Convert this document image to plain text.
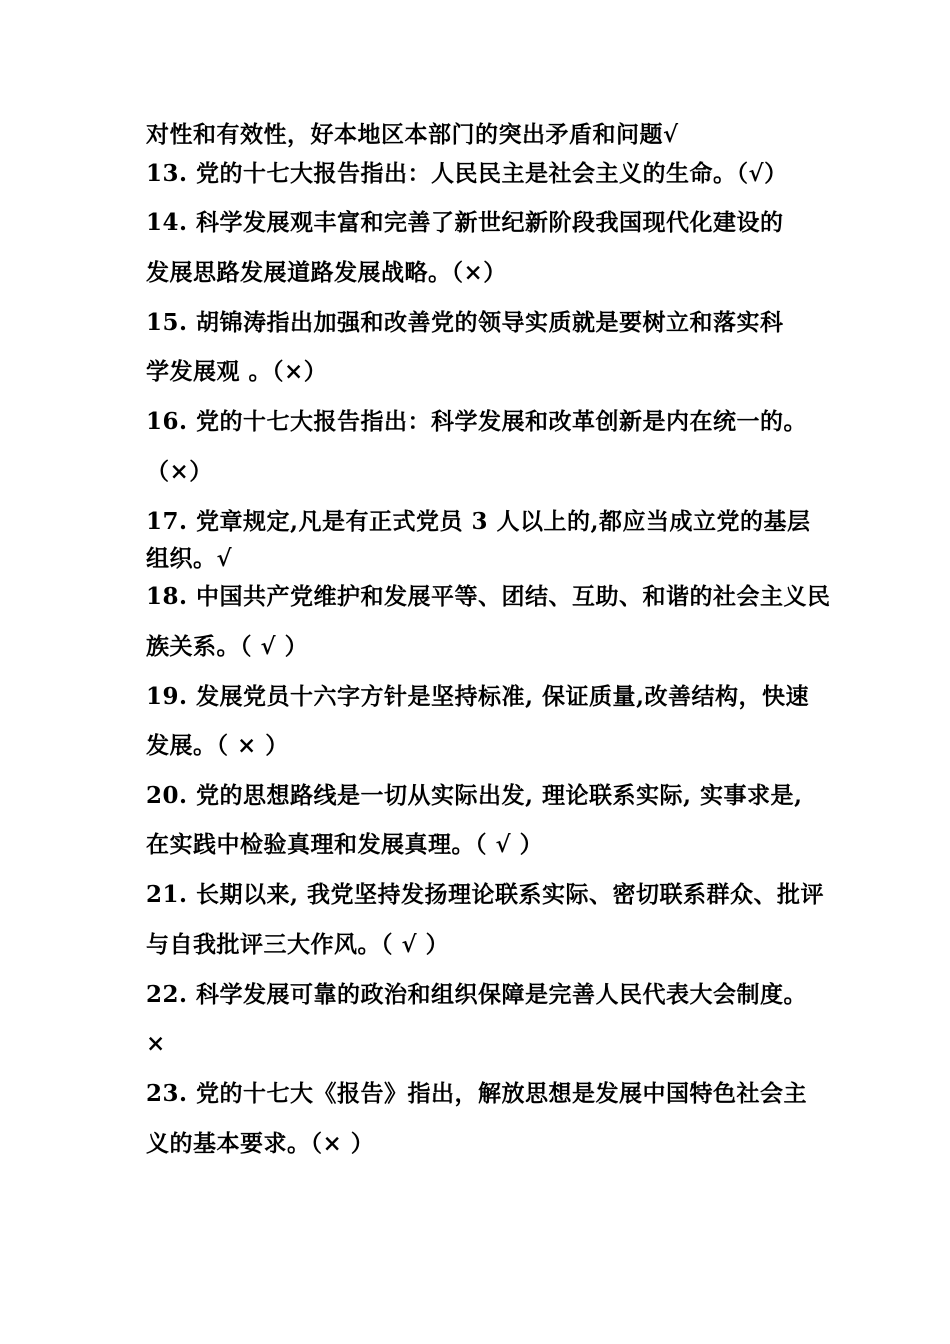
对性和有效性，好本地区本部门的突出矛盾和问题√
13. 党的十七大报告指出：人民民主是社会主义的生命。（√）
14. 科学发展观丰富和完善了新世纪新阶段我国现代化建设的
发展思路发展道路发展战略。（×）
15. 胡锦涛指出加强和改善党的领导实质就是要树立和落实科
学发展观 。（×）
16. 党的十七大报告指出：科学发展和改革创新是内在统一的。
（×）
17. 党章规定,凡是有正式党员 3 人以上的,都应当成立党的基层
组织。√
18. 中国共产党维护和发展平等、团结、互助、和谐的社会主义民
族关系。（ √ ）
19. 发展党员十六字方针是坚持标准, 保证质量,改善结构，快速
发展。（ × ）
20. 党的思想路线是一切从实际出发, 理论联系实际, 实事求是,
在实践中检验真理和发展真理。（ √ ）
21. 长期以来, 我党坚持发扬理论联系实际、密切联系群众、批评
与自我批评三大作风。（ √ ）
22. 科学发展可靠的政治和组织保障是完善人民代表大会制度。
×
23. 党的十七大《报告》指出，解放思想是发展中国特色社会主
义的基本要求。（× ）
